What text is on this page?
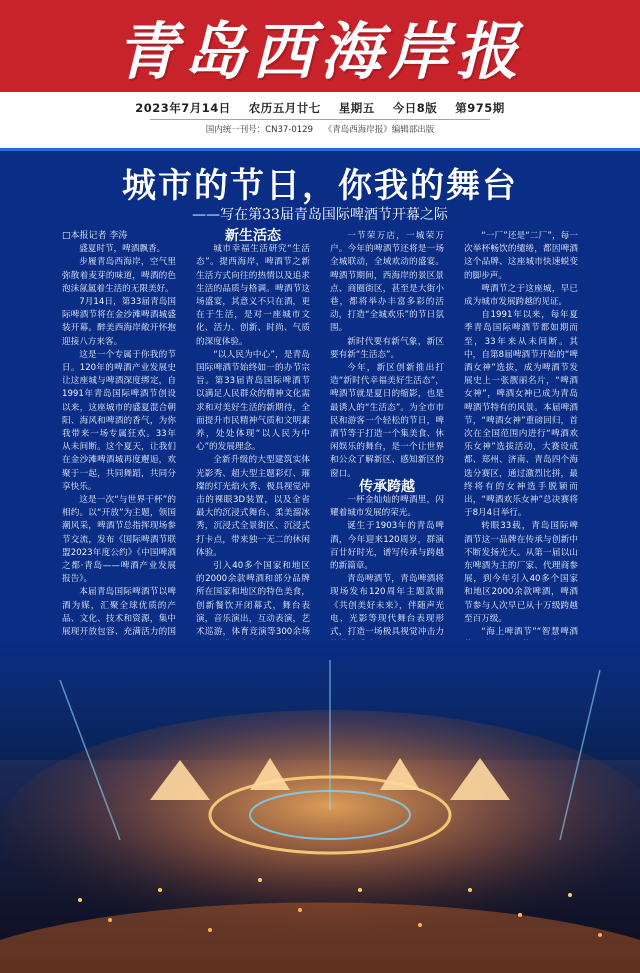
青岛西海岸报
2023年7月14日    农历五月廿七    星期五    今日8版    第975期
国内统一刊号：CN37-0129    《青岛西海岸报》编辑部出版
城市的节日，你我的舞台
——写在第33届青岛国际啤酒节开幕之际

□本报记者 李涛

盛夏时节，啤酒飘香。

步履青岛西海岸，空气里弥散着麦芽的味道，啤酒的色泡沫氤氲着生活的无限美好。

7月14日，第33届青岛国际啤酒节将在金沙滩啤酒城盛装开幕。醉美西海岸敞开怀抱迎接八方来客。

这是一个专属于你我的节日。120年的啤酒产业发展史让这座城与啤酒深度绑定，自1991年青岛国际啤酒节创设以来，这座城市的盛夏混合朝阳、海风和啤酒的香气，为你我带来一场专属狂欢。33年从未间断。这个夏天，让我们在金沙滩啤酒城再度邂逅，欢聚于一起，共同舞蹈，共同分享快乐。

这是一次“与世界干杯”的相约。以“开放”为主题，领国潮风采，啤酒节总指挥现场参节交流，发布《国际啤酒节联盟2023年度公约》《中国啤酒之都·青岛——啤酒产业发展报告》。

本届青岛国际啤酒节以啤酒为媒，汇聚全球优质的产品、文化、技术和资源，集中展现开放包容、充满活力的国

新生活态

城市幸福生活研究“生活态”。提西海岸，啤酒节之新生活方式向往的热情以及追求生活的品质与格调。啤酒节这场盛宴，其意义不只在酒，更在于生活，是对一座城市文化、活力、创新、时尚、气质的深度体验。

“以人民为中心”，是青岛国际啤酒节始终如一的办节宗旨。第33届青岛国际啤酒节以满足人民群众的精神文化需求和对美好生活的新期待，全面提升市民精神气质和文明素养，处处体现“以人民为中心”的发展理念。

全新升级的大型建筑实体光影秀、超大型主题彩灯、璀璨的灯光焰火秀、极具视觉冲击的裸眼3D装置，以及全省最大的沉浸式舞台、柔美溜冰秀，沉浸式全景街区、沉浸式打卡点，带来独一无二的休闲体验。

引入40多个国家和地区的2000余款啤酒和部分品牌所在国家和地区的特色美食，创新餐饮开闭幕式，舞台表演，音乐演出，互动表演，艺术巡游，体育竞演等300余场

一节荣万店，一城荣万户。今年的啤酒节还将是一场全城联动，全域欢动的盛宴。啤酒节期间，西海岸的景区景点、商圈街区，甚至是大街小巷，都将举办丰富多彩的活动，打造“全城欢乐”的节日氛围。

新时代要有新气象，新区要有新“生活态”。

今年，新区创新推出打造“新时代幸福美好生活态”，啤酒节就是夏日的缩影，也是最诱人的“生活态”。为全市市民和游客一个轻松的节日，啤酒节等于打造一个集美食、休闲娱乐的舞台，是一个让世界和公众了解新区、感知新区的窗口。

传承跨越

一杯金灿灿的啤酒里，闪耀着城市发展的荣光。

诞生于1903年的青岛啤酒，今年迎来120周岁，群演百廿好时光，谱写传承与跨越的新篇章。

青岛啤酒节，青岛啤酒将现场发布120周年主题款鼎《共创美好未来》，伴随声光电、光影等现代舞台表现形式，打造一场极具视觉冲击力

“一厂”还是“二厂”，每一次举杯畅饮的缱绻，都因啤酒这个品牌、这座城市快速蜕变的脚步声。

啤酒节之于这座城，早已成为城市发展跨越的见证。

自1991年以来，每年夏季青岛国际啤酒节都如期而至，33年来从未间断。其中，自第8届啤酒节开始的“啤酒女神”选拔，成为啤酒节发展史上一张靓丽名片，“啤酒女神”，啤酒女神已成为青岛啤酒节特有的风景。本届啤酒节，“啤酒女神”重磅回归，首次在全国范围内进行“啤酒欢乐女神”选拔活动，大赛设成都、郑州、济南、青岛四个海选分赛区，通过激烈比拼，最终将有的女神选手脱颖而出，“啤酒欢乐女神”总决赛将于8月4日举行。

转眼33载，青岛国际啤酒节这一品牌在传承与创新中不断发扬光大。从第一届以山东啤酒为主的厂家、代理商参展，到今年引入40多个国家和地区2000余款啤酒，啤酒节参与人次早已从十万级跨越至百万级。

“海上啤酒节”“智慧啤酒
